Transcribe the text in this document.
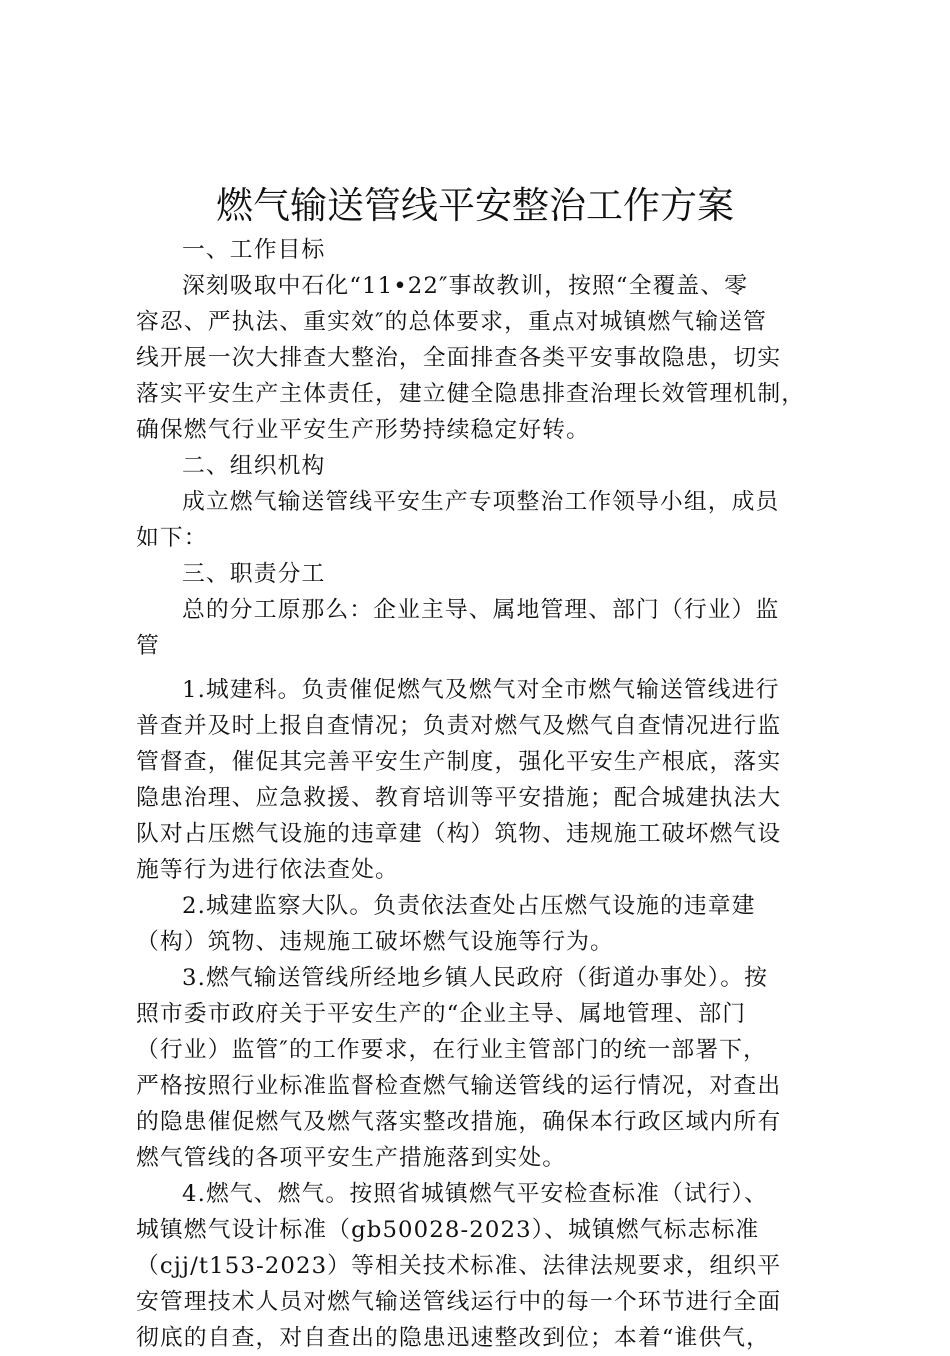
燃气输送管线平安整治工作方案
一、工作目标
深刻吸取中石化“11•22″事故教训，按照“全覆盖、零
容忍、严执法、重实效″的总体要求，重点对城镇燃气输送管
线开展一次大排查大整治，全面排查各类平安事故隐患，切实
落实平安生产主体责任，建立健全隐患排查治理长效管理机制，
确保燃气行业平安生产形势持续稳定好转。
二、组织机构
成立燃气输送管线平安生产专项整治工作领导小组，成员
如下：
三、职责分工
总的分工原那么：企业主导、属地管理、部门（行业）监
管
1.城建科。负责催促燃气及燃气对全市燃气输送管线进行
普查并及时上报自查情况；负责对燃气及燃气自查情况进行监
管督查，催促其完善平安生产制度，强化平安生产根底，落实
隐患治理、应急救援、教育培训等平安措施；配合城建执法大
队对占压燃气设施的违章建（构）筑物、违规施工破坏燃气设
施等行为进行依法查处。
2.城建监察大队。负责依法查处占压燃气设施的违章建
（构）筑物、违规施工破坏燃气设施等行为。
3.燃气输送管线所经地乡镇人民政府（街道办事处）。按
照市委市政府关于平安生产的“企业主导、属地管理、部门
（行业）监管″的工作要求，在行业主管部门的统一部署下，
严格按照行业标准监督检查燃气输送管线的运行情况，对查出
的隐患催促燃气及燃气落实整改措施，确保本行政区域内所有
燃气管线的各项平安生产措施落到实处。
4.燃气、燃气。按照省城镇燃气平安检查标准（试行）、
城镇燃气设计标准（gb50028-2023）、城镇燃气标志标准
（cjj/t153-2023）等相关技术标准、法律法规要求，组织平
安管理技术人员对燃气输送管线运行中的每一个环节进行全面
彻底的自查，对自查出的隐患迅速整改到位；本着“谁供气，
